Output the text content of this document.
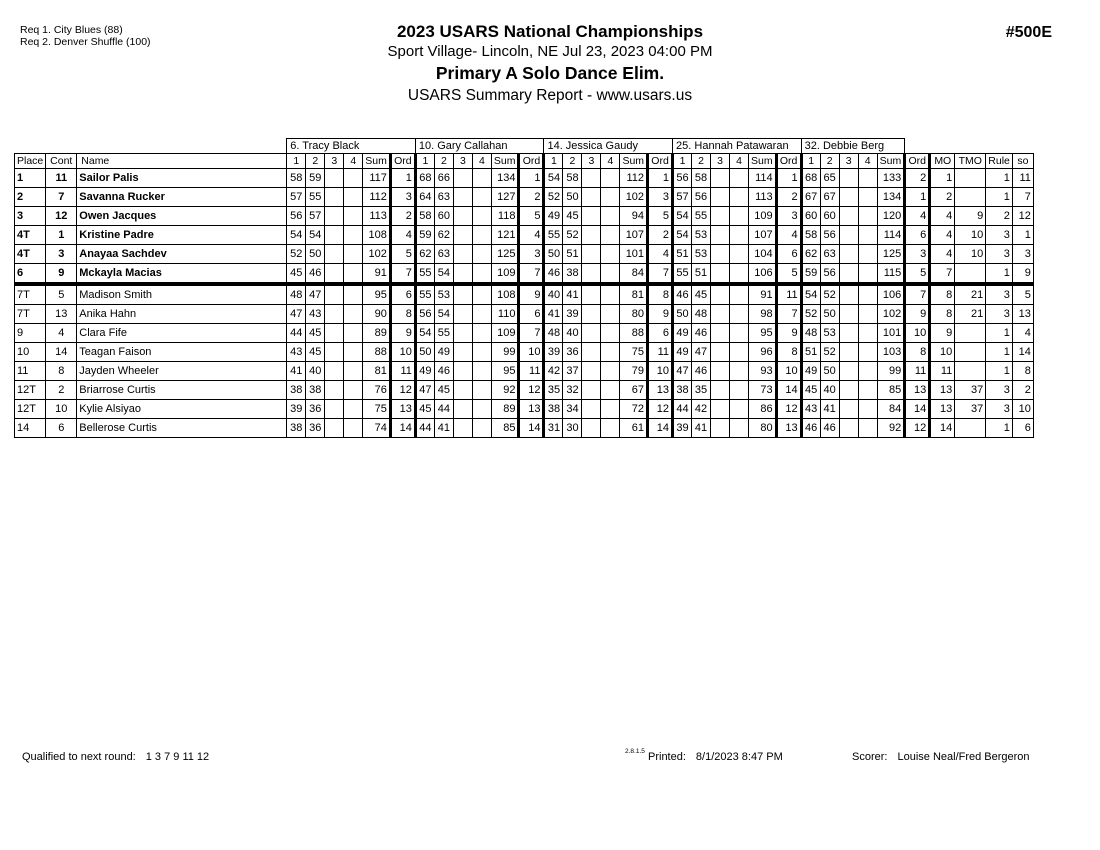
Req 1. City Blues (88)
Req 2. Denver Shuffle (100)
2023 USARS National Championships
Sport Village- Lincoln, NE Jul 23, 2023 04:00 PM
Primary A Solo Dance Elim.
USARS Summary Report - www.usars.us
#500E
			6. Tracy Black						10. Gary Callahan						14. Jessica Gaudy						25. Hannah Patawaran						32. Debbie Berg									
Place	Cont	Name	1	2	3	4	Sum	Ord	1	2	3	4	Sum	Ord	1	2	3	4	Sum	Ord	1	2	3	4	Sum	Ord	1	2	3	4	Sum	Ord	MO	TMO	Rule	so
1	11	Sailor Palis	58	59			117	1	68	66			134	1	54	58			112	1	56	58			114	1	68	65			133	2	1		1	11
2	7	Savanna Rucker	57	55			112	3	64	63			127	2	52	50			102	3	57	56			113	2	67	67			134	1	2		1	7
3	12	Owen Jacques	56	57			113	2	58	60			118	5	49	45			94	5	54	55			109	3	60	60			120	4	4	9	2	12
4T	1	Kristine Padre	54	54			108	4	59	62			121	4	55	52			107	2	54	53			107	4	58	56			114	6	4	10	3	1
4T	3	Anayaa Sachdev	52	50			102	5	62	63			125	3	50	51			101	4	51	53			104	6	62	63			125	3	4	10	3	3
6	9	Mckayla Macias	45	46			91	7	55	54			109	7	46	38			84	7	55	51			106	5	59	56			115	5	7		1	9
7T	5	Madison Smith	48	47			95	6	55	53			108	9	40	41			81	8	46	45			91	11	54	52			106	7	8	21	3	5
7T	13	Anika Hahn	47	43			90	8	56	54			110	6	41	39			80	9	50	48			98	7	52	50			102	9	8	21	3	13
9	4	Clara Fife	44	45			89	9	54	55			109	7	48	40			88	6	49	46			95	9	48	53			101	10	9		1	4
10	14	Teagan Faison	43	45			88	10	50	49			99	10	39	36			75	11	49	47			96	8	51	52			103	8	10		1	14
11	8	Jayden Wheeler	41	40			81	11	49	46			95	11	42	37			79	10	47	46			93	10	49	50			99	11	11		1	8
12T	2	Briarrose Curtis	38	38			76	12	47	45			92	12	35	32			67	13	38	35			73	14	45	40			85	13	13	37	3	2
12T	10	Kylie Alsiyao	39	36			75	13	45	44			89	13	38	34			72	12	44	42			86	12	43	41			84	14	13	37	3	10
14	6	Bellerose Curtis	38	36			74	14	44	41			85	14	31	30			61	14	39	41			80	13	46	46			92	12	14		1	6
Qualified to next round: 1 3 7 9 11 12	2.8.1.5 Printed: 8/1/2023 8:47 PM	Scorer: Louise Neal/Fred Bergeron
